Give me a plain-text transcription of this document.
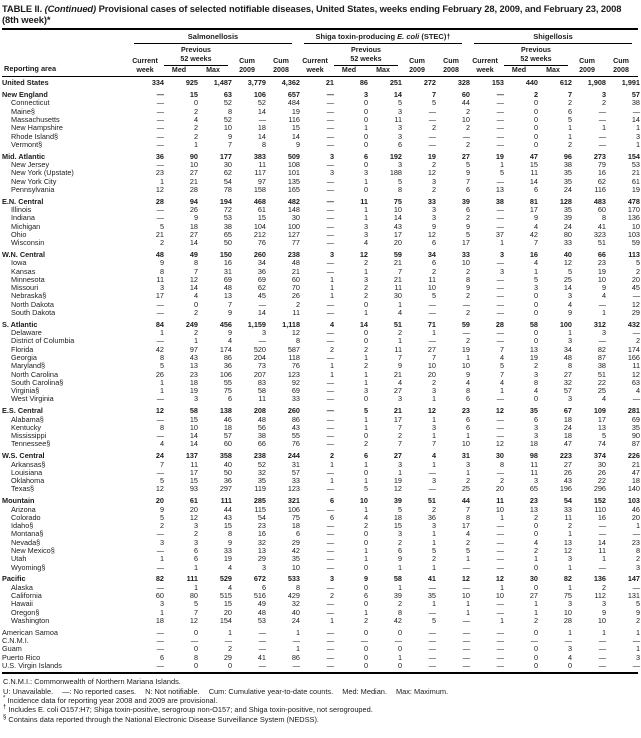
TABLE II. (Continued) Provisional cases of selected notifiable diseases, United States, weeks ending February 28, 2009, and February 23, 2008 (8th week)*
Reporting area
Salmonellosis
Current
week
Previous
52 weeks
Med	Max
Cum
2009
Cum
2008
Shiga toxin-producing E. coli (STEC)†
Current
week
Previous
52 weeks
Med	Max
Cum
2009
Cum
2008
Shigellosis
Current
week
Previous
52 weeks
Med	Max
Cum
2009
Cum
2008
United States	334	925	1,487	3,779	4,362	21	86	251	272	328	153	440	612	1,908	1,991
New England	—	15	63	106	657	—	3	14	7	60	—	2	7	3	57
Connecticut	—	0	52	52	484	—	0	5	5	44	—	0	2	2	38
Maine§	—	2	8	14	19	—	0	3	—	2	—	0	6	—	—
Massachusetts	—	4	52	—	116	—	0	11	—	10	—	0	5	—	14
New Hampshire	—	2	10	18	15	—	1	3	2	2	—	0	1	1	1
Rhode Island§	—	2	9	14	14	—	0	3	—	—	—	0	1	—	3
Vermont§	—	1	7	8	9	—	0	6	—	2	—	0	2	—	1
Mid. Atlantic	36	90	177	383	509	3	6	192	19	27	19	47	96	273	154
New Jersey	—	10	30	11	108	—	0	3	2	5	1	15	38	79	53
New York (Upstate)	23	27	62	117	101	3	3	188	12	9	5	11	35	16	21
New York City	1	21	54	97	135	—	1	5	3	7	—	14	35	62	61
Pennsylvania	12	28	78	158	165	—	0	8	2	6	13	6	24	116	19
E.N. Central	28	94	194	468	482	—	11	75	33	39	38	81	128	483	478
Illinois	—	26	72	61	148	—	1	10	3	6	—	17	35	60	170
Indiana	—	9	53	15	30	—	1	14	3	2	—	9	39	8	136
Michigan	5	18	38	104	100	—	3	43	9	9	—	4	24	41	10
Ohio	21	27	65	212	127	—	3	17	12	5	37	42	80	323	103
Wisconsin	2	14	50	76	77	—	4	20	6	17	1	7	33	51	59
W.N. Central	48	49	150	260	238	3	12	59	34	33	3	16	40	66	113
Iowa	9	8	16	34	48	—	2	21	6	10	—	4	12	23	5
Kansas	8	7	31	36	21	—	1	7	2	2	3	1	5	19	2
Minnesota	11	12	69	69	60	1	3	21	11	8	—	5	25	10	20
Missouri	3	14	48	62	70	1	2	11	10	9	—	3	14	9	45
Nebraska§	17	4	13	45	26	1	2	30	5	2	—	0	3	4	—
North Dakota	—	0	7	—	2	—	0	1	—	—	—	0	4	—	12
South Dakota	—	2	9	14	11	—	1	4	—	2	—	0	9	1	29
S. Atlantic	84	249	456	1,159	1,118	4	14	51	71	59	28	58	100	312	432
Delaware	1	2	9	3	12	—	0	2	1	—	—	0	1	3	—
District of Columbia	—	1	4	—	8	—	0	1	—	2	—	0	3	—	2
Florida	42	97	174	520	587	2	2	11	27	19	7	13	34	82	174
Georgia	8	43	86	204	118	—	1	7	7	1	4	19	48	87	166
Maryland§	5	13	36	73	76	1	2	9	10	10	5	2	8	38	11
North Carolina	26	23	106	207	123	1	1	21	20	9	7	3	27	51	12
South Carolina§	1	18	55	83	92	—	1	4	2	4	4	8	32	22	63
Virginia§	1	19	75	58	69	—	3	27	3	8	1	4	57	25	4
West Virginia	—	3	6	11	33	—	0	3	1	6	—	0	3	4	—
E.S. Central	12	58	138	208	260	—	5	21	12	23	12	35	67	109	281
Alabama§	—	15	46	48	86	—	1	17	1	6	—	6	18	17	69
Kentucky	8	10	18	56	43	—	1	7	3	6	—	3	24	13	35
Mississippi	—	14	57	38	55	—	0	2	1	1	—	3	18	5	90
Tennessee§	4	14	60	66	76	—	2	7	7	10	12	18	47	74	87
W.S. Central	24	137	358	238	244	2	6	27	4	31	30	98	223	374	226
Arkansas§	7	11	40	52	31	1	1	3	1	3	8	11	27	30	21
Louisiana	—	17	50	32	57	—	0	1	—	1	—	11	26	26	47
Oklahoma	5	15	36	35	33	1	1	19	3	2	2	3	43	22	18
Texas§	12	93	297	119	123	—	5	12	—	25	20	65	196	296	140
Mountain	20	61	111	285	321	6	10	39	51	44	11	23	54	152	103
Arizona	9	20	44	115	106	—	1	5	2	7	10	13	33	110	46
Colorado	5	12	43	54	75	6	4	18	36	8	1	2	11	16	20
Idaho§	2	3	15	23	18	—	2	15	3	17	—	0	2	—	1
Montana§	—	2	8	16	6	—	0	3	1	4	—	0	1	—	—
Nevada§	3	3	9	32	29	—	0	2	1	2	—	4	13	14	23
New Mexico§	—	6	33	13	42	—	1	6	5	5	—	2	12	11	8
Utah	1	6	19	29	35	—	1	9	2	1	—	1	3	1	2
Wyoming§	—	1	4	3	10	—	0	1	1	—	—	0	1	—	3
Pacific	82	111	529	672	533	3	9	58	41	12	12	30	82	136	147
Alaska	—	1	4	6	8	—	0	1	—	—	1	0	1	2	—
California	60	80	515	516	429	2	6	39	35	10	10	27	75	112	131
Hawaii	3	5	15	49	32	—	0	2	1	1	—	1	3	3	5
Oregon§	1	7	20	48	40	—	1	8	—	1	—	1	10	9	9
Washington	18	12	154	53	24	1	2	42	5	—	1	2	28	10	2
American Samoa	—	0	1	—	1	—	0	0	—	—	—	0	1	1	1
C.N.M.I.	—	—	—	—	—	—	—	—	—	—	—	—	—	—	—
Guam	—	0	2	—	1	—	0	0	—	—	—	0	3	—	1
Puerto Rico	6	8	29	41	86	—	0	1	—	—	—	0	4	—	3
U.S. Virgin Islands	—	0	0	—	—	—	0	0	—	—	—	0	0	—	—
C.N.M.I.: Commonwealth of Northern Mariana Islands.
U: Unavailable. —: No reported cases. N: Not notifiable. Cum: Cumulative year-to-date counts. Med: Median. Max: Maximum.
* Incidence data for reporting year 2008 and 2009 are provisional.
† Includes E. coli O157:H7; Shiga toxin-positive, serogroup non-O157; and Shiga toxin-positive, not serogrouped.
§ Contains data reported through the National Electronic Disease Surveillance System (NEDSS).
